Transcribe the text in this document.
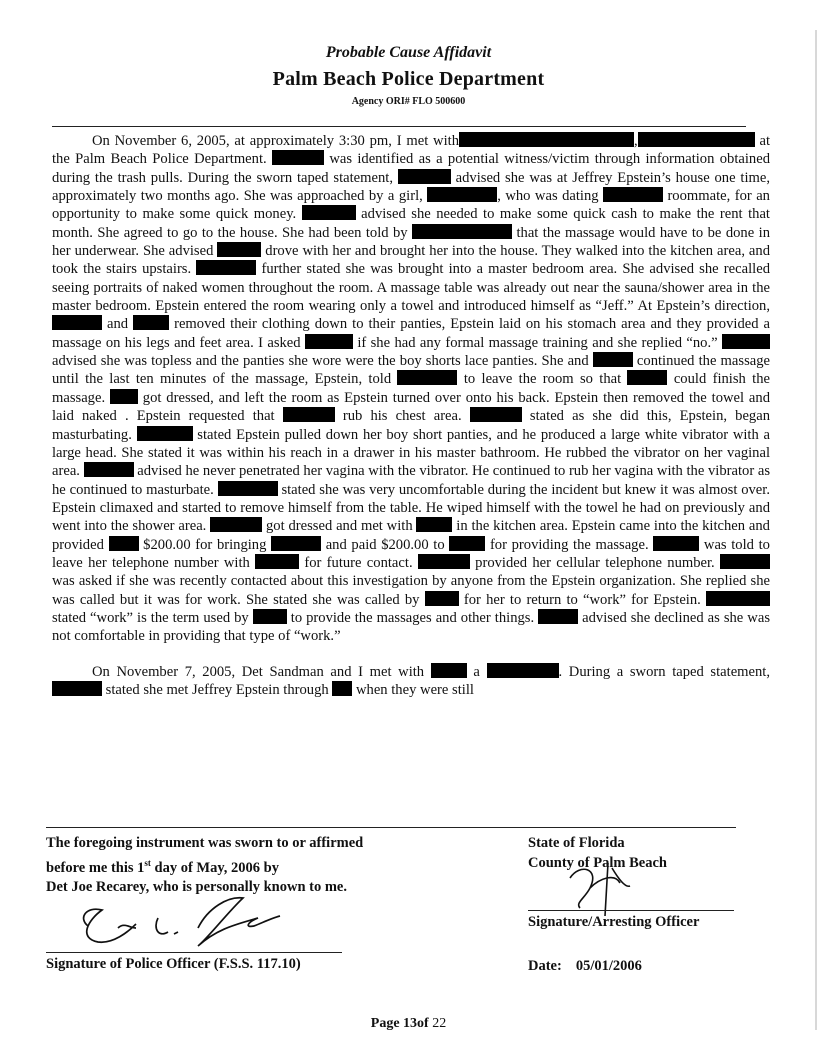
Probable Cause Affidavit
Palm Beach Police Department
Agency ORI# FLO 500600

On November 6, 2005, at approximately 3:30 pm, I met with	,	at the Palm Beach Police Department.	was identified as a potential witness/victim through information obtained during the trash pulls. During the sworn taped statement,	advised she was at Jeffrey Epstein’s house one time, approximately two months ago. She was approached by a girl,	, who was dating	roommate, for an opportunity to make some quick money.	advised she needed to make some quick cash to make the rent that month. She agreed to go to the house. She had been told by	that the massage would have to be done in her underwear. She advised	drove with her and brought her into the house. They walked into the kitchen area, and took the stairs upstairs.	further stated she was brought into a master bedroom area. She advised she recalled seeing portraits of naked women throughout the room. A massage table was already out near the sauna/shower area in the master bedroom. Epstein entered the room wearing only a towel and introduced himself as “Jeff.” At Epstein’s direction,  and  removed their clothing down to their panties, Epstein laid on his stomach area and they provided a massage on his legs and feet area. I asked	if she had any formal massage training and she replied “no.”  advised she was topless and the panties she wore were the boy shorts lace panties. She and	continued the massage until the last ten minutes of the massage, Epstein, told	to leave the room so that	could finish the massage.  got dressed, and left the room as Epstein turned over onto his back. Epstein then removed the towel and laid naked . Epstein requested that	rub his chest area.	stated as she did this, Epstein, began masturbating.	stated Epstein pulled down her boy short panties, and he produced a large white vibrator with a large head. She stated it was within his reach in a drawer in his master bathroom. He rubbed the vibrator on her vaginal area.	advised he never penetrated her vagina with the vibrator. He continued to rub her vagina with the vibrator as he continued to masturbate.	stated she was very uncomfortable during the incident but knew it was almost over. Epstein climaxed and started to remove himself from the table. He wiped himself with the towel he had on previously and went into the shower area.	got dressed and met with  in the kitchen area. Epstein came into the kitchen and provided  $200.00 for bringing	and paid $200.00 to  for providing the massage.	was told to leave her telephone number with	for future contact.	provided her cellular telephone number.  was asked if she was recently contacted about this investigation by anyone from the Epstein organization. She replied she was called but it was for work. She stated she was called by  for her to return to “work” for Epstein.  stated “work” is the term used by  to provide the massages and other things.	advised she declined as she was not comfortable in providing that type of “work.”

On November 7, 2005, Det Sandman and I met with  a	. During a sworn taped statement,  stated she met Jeffrey Epstein through  when they were still

The foregoing instrument was sworn to or affirmed
before me this 1st day of May, 2006 by
Det Joe Recarey, who is personally known to me.
State of Florida
County of Palm Beach
Signature/Arresting Officer
Date: 05/01/2006
Signature of Police Officer (F.S.S. 117.10)
Page 13of 22
